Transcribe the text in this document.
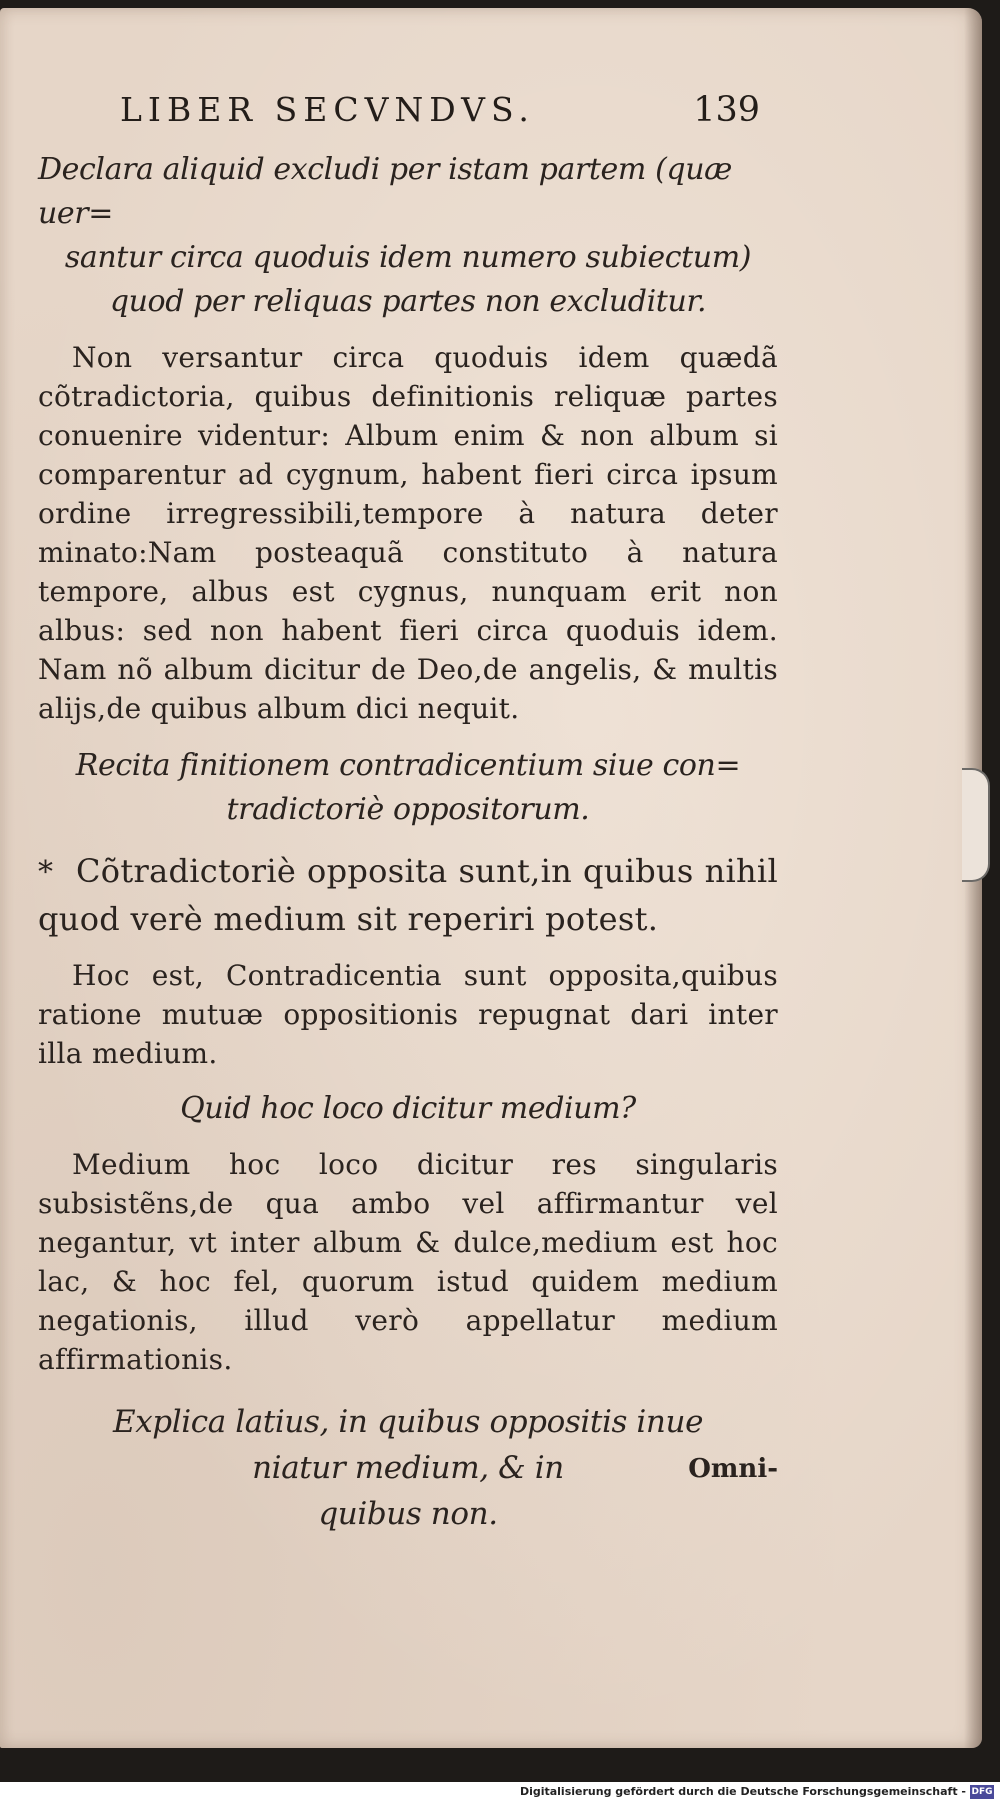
LIBER SECVNDVS.	139
Declara aliquid excludi per istam partem (quæ uer=
santur circa quoduis idem numero subiectum)
quod per reliquas partes non excluditur.

Non versantur circa quoduis idem quædã cõtradictoria, quibus definitionis reliquæ partes conuenire videntur: Album enim & non album si comparentur ad cygnum, habent fieri circa ipsum ordine irregressibili,tempore à natura deter minato:Nam posteaquã constituto à natura tempore, albus est cygnus, nunquam erit non albus: sed non habent fieri circa quoduis idem. Nam nõ album dicitur de Deo,de angelis, & multis alijs,de quibus album dici nequit.

Recita finitionem contradicentium siue con=
tradictoriè oppositorum.

* Cõtradictoriè opposita sunt,in quibus nihil quod verè medium sit reperiri potest.

Hoc est, Contradicentia sunt opposita,quibus ratione mutuæ oppositionis repugnat dari inter illa medium.

Quid hoc loco dicitur medium?

Medium hoc loco dicitur res singularis subsistẽns,de qua ambo vel affirmantur vel negantur, vt inter album & dulce,medium est hoc lac, & hoc fel, quorum istud quidem medium negationis, illud verò appellatur medium affirmationis.

Explica latius, in quibus oppositis inue
niatur medium, & in
quibus non.
Omni-
Digitalisierung gefördert durch die Deutsche Forschungsgemeinschaft - DFG
